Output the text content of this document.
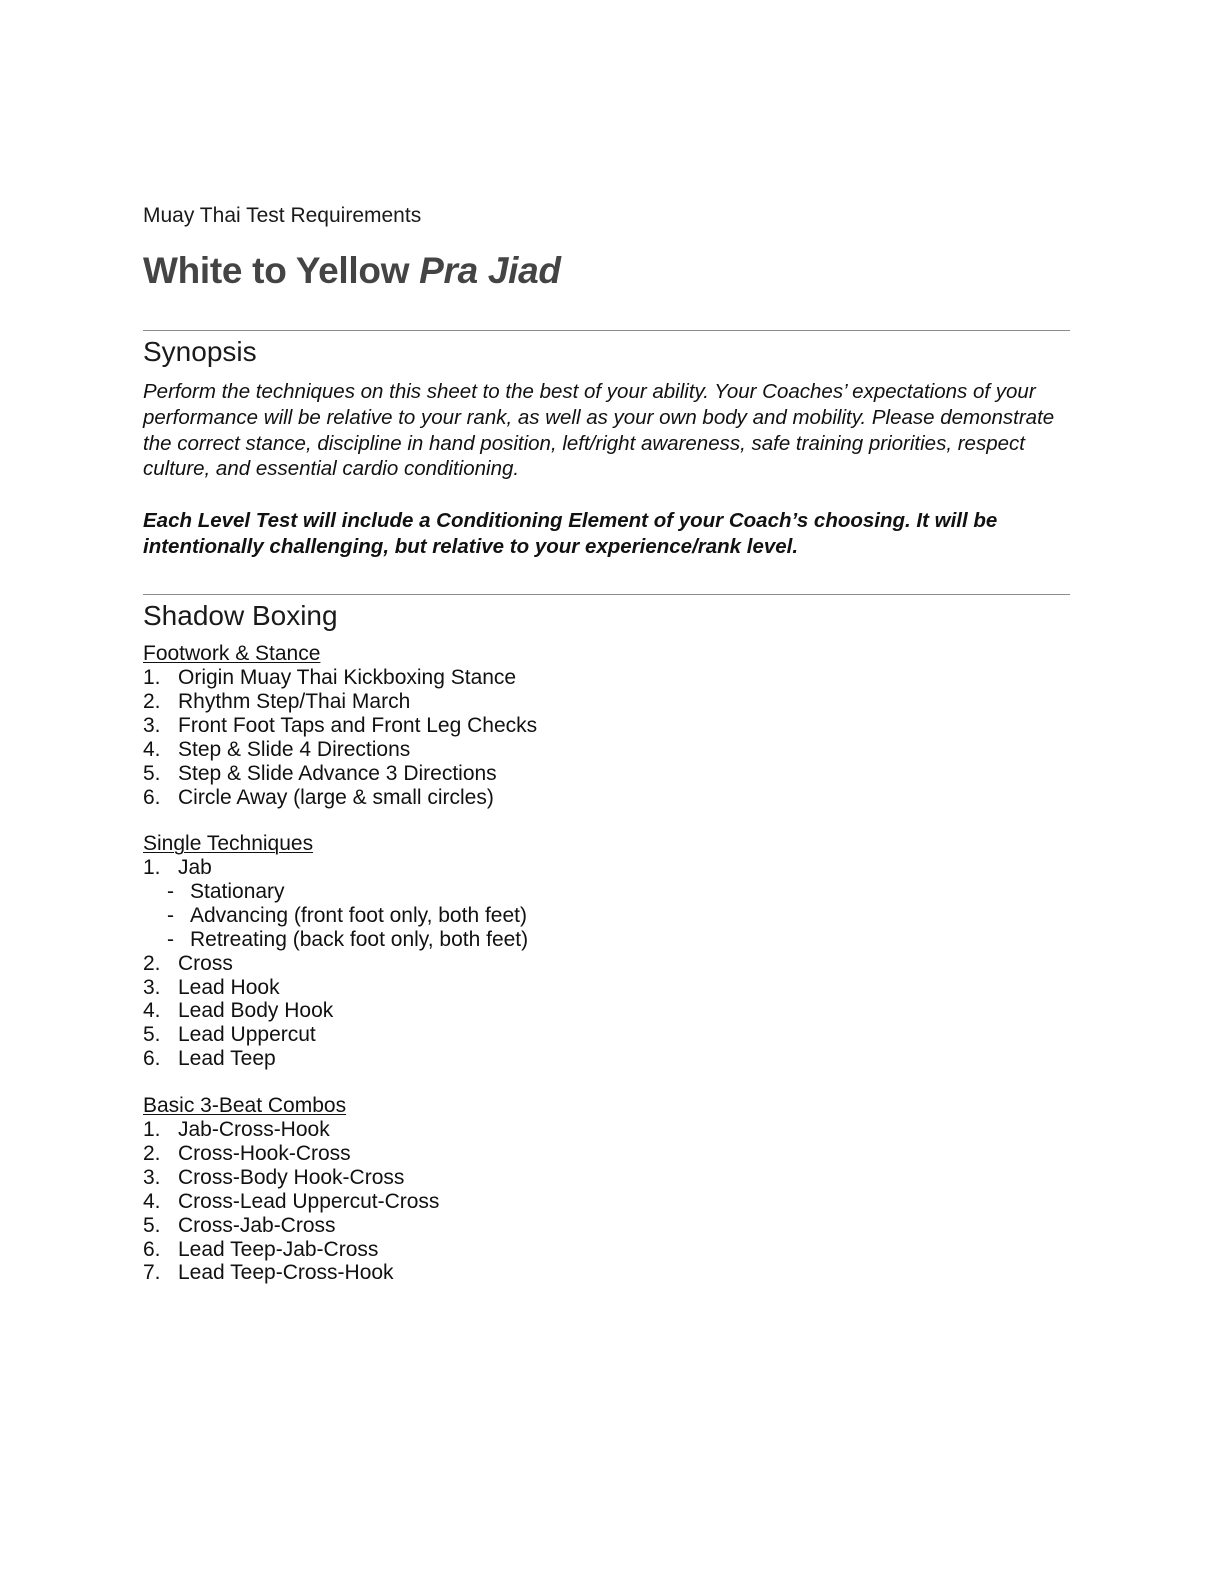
Muay Thai Test Requirements
White to Yellow Pra Jiad
Synopsis

Perform the techniques on this sheet to the best of your ability. Your Coaches’ expectations of your performance will be relative to your rank, as well as your own body and mobility. Please demonstrate the correct stance, discipline in hand position, left/right awareness, safe training priorities, respect culture, and essential cardio conditioning.

Each Level Test will include a Conditioning Element of your Coach’s choosing. It will be intentionally challenging, but relative to your experience/rank level.

Shadow Boxing
Footwork & Stance
1. Origin Muay Thai Kickboxing Stance
2. Rhythm Step/Thai March
3. Front Foot Taps and Front Leg Checks
4. Step & Slide 4 Directions
5. Step & Slide Advance 3 Directions
6. Circle Away (large & small circles)
Single Techniques
1. Jab
- Stationary
- Advancing (front foot only, both feet)
- Retreating (back foot only, both feet)
2. Cross
3. Lead Hook
4. Lead Body Hook
5. Lead Uppercut
6. Lead Teep
Basic 3-Beat Combos
1. Jab-Cross-Hook
2. Cross-Hook-Cross
3. Cross-Body Hook-Cross
4. Cross-Lead Uppercut-Cross
5. Cross-Jab-Cross
6. Lead Teep-Jab-Cross
7. Lead Teep-Cross-Hook
